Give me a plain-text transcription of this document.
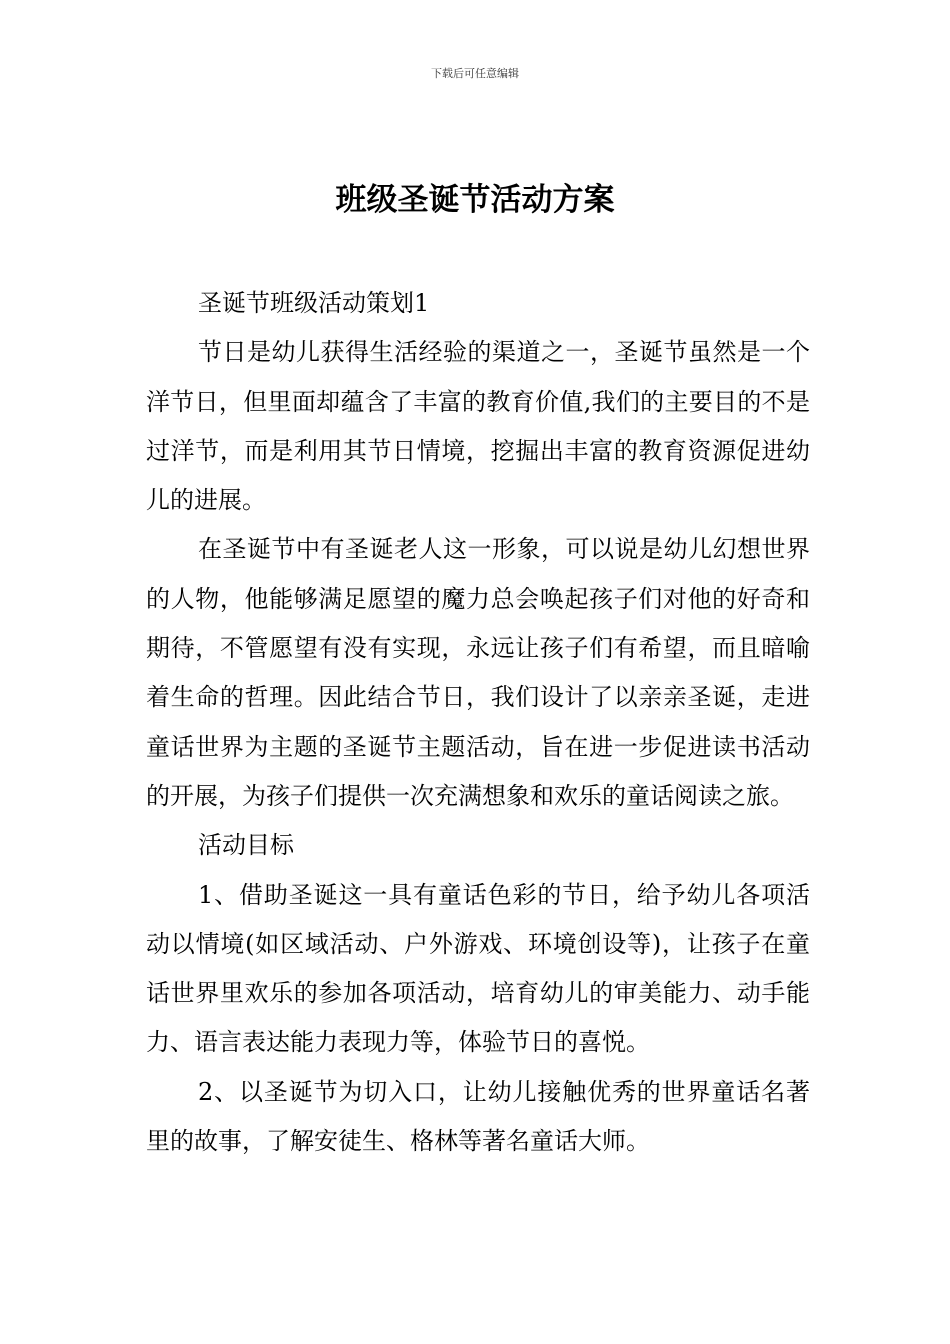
下载后可任意编辑
班级圣诞节活动方案

圣诞节班级活动策划1

节日是幼儿获得生活经验的渠道之一，圣诞节虽然是一个洋节日，但里面却蕴含了丰富的教育价值,我们的主要目的不是过洋节，而是利用其节日情境，挖掘出丰富的教育资源促进幼儿的进展。

在圣诞节中有圣诞老人这一形象，可以说是幼儿幻想世界的人物，他能够满足愿望的魔力总会唤起孩子们对他的好奇和期待，不管愿望有没有实现，永远让孩子们有希望，而且暗喻着生命的哲理。因此结合节日，我们设计了以亲亲圣诞，走进童话世界为主题的圣诞节主题活动，旨在进一步促进读书活动的开展，为孩子们提供一次充满想象和欢乐的童话阅读之旅。

活动目标

1、借助圣诞这一具有童话色彩的节日，给予幼儿各项活动以情境(如区域活动、户外游戏、环境创设等)，让孩子在童话世界里欢乐的参加各项活动，培育幼儿的审美能力、动手能力、语言表达能力表现力等，体验节日的喜悦。

2、以圣诞节为切入口，让幼儿接触优秀的世界童话名著里的故事，了解安徒生、格林等著名童话大师。
